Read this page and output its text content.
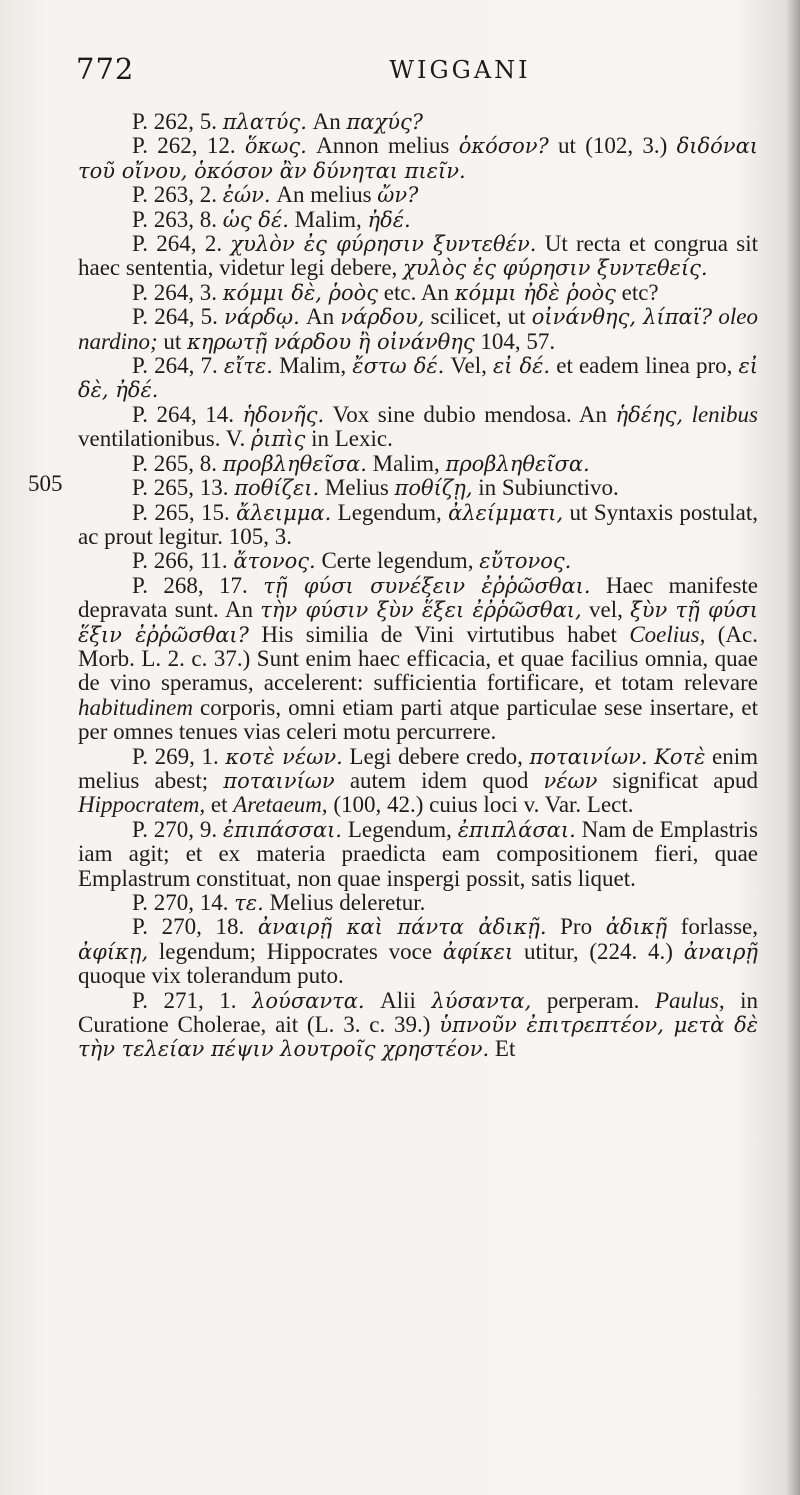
772	WIGGANI
505

P. 262, 5. πλατύς. An παχύς?

P. 262, 12. ὅκως. Annon melius ὁκόσον? ut (102, 3.) διδόναι τοῦ οἴνου, ὁκόσον ἂν δύνηται πιεῖν.

P. 263, 2. ἐών. An melius ὤν?

P. 263, 8. ὡς δέ. Malim, ἠδέ.

P. 264, 2. χυλὸν ἐς φύρησιν ξυντεθέν. Ut recta et congrua sit haec sententia, videtur legi debere, χυλὸς ἐς φύρησιν ξυντεθείς.

P. 264, 3. κόμμι δὲ, ῥοὸς etc. An κόμμι ἠδὲ ῥοὸς etc?

P. 264, 5. νάρδῳ. An νάρδου, scilicet, ut οἰνάνθης, λίπαϊ? oleo nardino; ut κηρωτῇ νάρδου ἢ οἰνάνθης 104, 57.

P. 264, 7. εἴτε. Malim, ἔστω δέ. Vel, εἰ δέ. et eadem linea pro, εἰ δὲ, ἠδέ.

P. 264, 14. ἡδονῆς. Vox sine dubio mendosa. An ἡδέης, lenibus ventilationibus. V. ῥιπὶς in Lexic.

P. 265, 8. προβληθεῖσα. Malim, προβληθεῖσα.

P. 265, 13. ποθίζει. Melius ποθίζῃ, in Subiunctivo.

P. 265, 15. ἄλειμμα. Legendum, ἀλείμματι, ut Syntaxis postulat, ac prout legitur. 105, 3.

P. 266, 11. ἄτονος. Certe legendum, εὔτονος.

P. 268, 17. τῇ φύσι συνέξειν ἐῤῥῶσθαι. Haec manifeste depravata sunt. An τὴν φύσιν ξὺν ἕξει ἐῤῥῶσθαι, vel, ξὺν τῇ φύσι ἕξιν ἐῤῥῶσθαι? His similia de Vini virtutibus habet Coelius, (Ac. Morb. L. 2. c. 37.) Sunt enim haec efficacia, et quae facilius omnia, quae de vino speramus, accelerent: sufficientia fortificare, et totam relevare habitudinem corporis, omni etiam parti atque particulae sese insertare, et per omnes tenues vias celeri motu percurrere.

P. 269, 1. κοτὲ νέων. Legi debere credo, ποταινίων. Κοτὲ enim melius abest; ποταινίων autem idem quod νέων significat apud Hippocratem, et Aretaeum, (100, 42.) cuius loci v. Var. Lect.

P. 270, 9. ἐπιπάσσαι. Legendum, ἐπιπλάσαι. Nam de Emplastris iam agit; et ex materia praedicta eam compositionem fieri, quae Emplastrum constituat, non quae inspergi possit, satis liquet.

P. 270, 14. τε. Melius deleretur.

P. 270, 18. ἀναιρῇ καὶ πάντα ἀδικῇ. Pro ἀδικῇ forlasse, ἀφίκῃ, legendum; Hippocrates voce ἀφίκει utitur, (224. 4.) ἀναιρῇ quoque vix tolerandum puto.

P. 271, 1. λούσαντα. Alii λύσαντα, perperam. Paulus, in Curatione Cholerae, ait (L. 3. c. 39.) ὑπνοῦν ἐπιτρεπτέον, μετὰ δὲ τὴν τελείαν πέψιν λουτροῖς χρηστέον. Et
